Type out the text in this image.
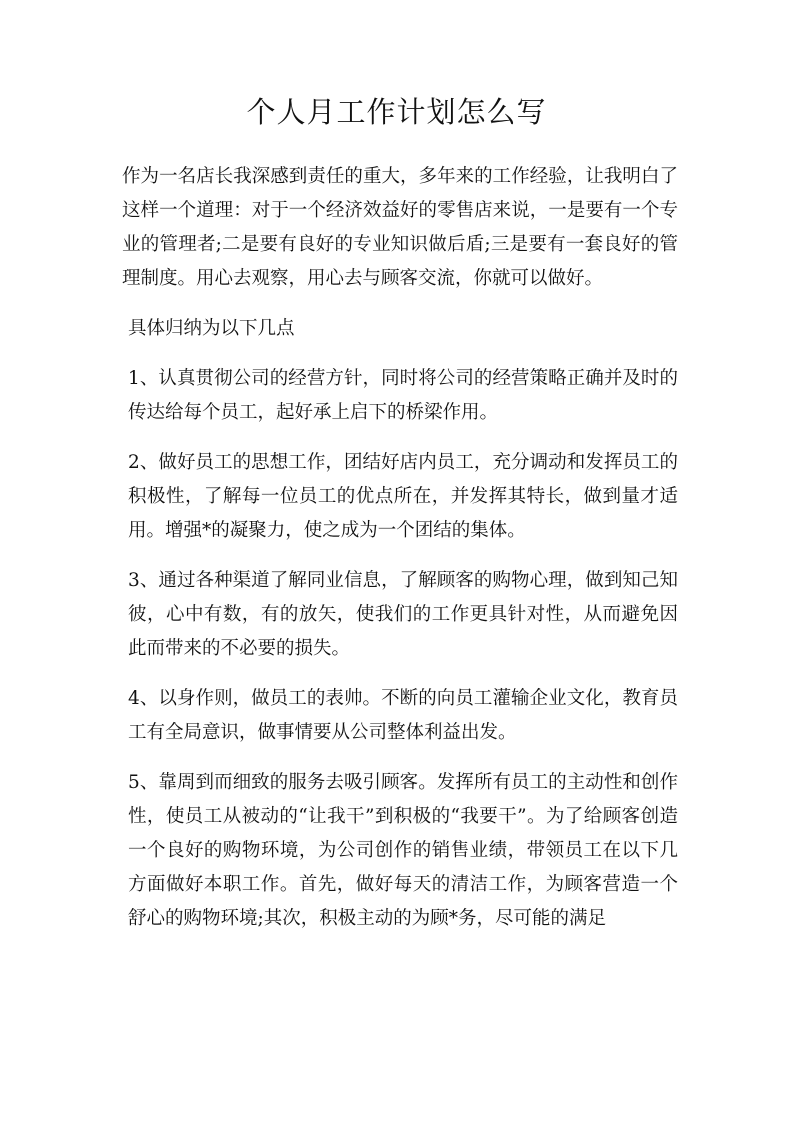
个人月工作计划怎么写

作为一名店长我深感到责任的重大，多年来的工作经验，让我明白了这样一个道理：对于一个经济效益好的零售店来说，一是要有一个专业的管理者;二是要有良好的专业知识做后盾;三是要有一套良好的管理制度。用心去观察，用心去与顾客交流，你就可以做好。

具体归纳为以下几点

1、认真贯彻公司的经营方针，同时将公司的经营策略正确并及时的传达给每个员工，起好承上启下的桥梁作用。

2、做好员工的思想工作，团结好店内员工，充分调动和发挥员工的积极性，了解每一位员工的优点所在，并发挥其特长，做到量才适用。增强*的凝聚力，使之成为一个团结的集体。

3、通过各种渠道了解同业信息，了解顾客的购物心理，做到知己知彼，心中有数，有的放矢，使我们的工作更具针对性，从而避免因此而带来的不必要的损失。

4、以身作则，做员工的表帅。不断的向员工灌输企业文化，教育员工有全局意识，做事情要从公司整体利益出发。

5、靠周到而细致的服务去吸引顾客。发挥所有员工的主动性和创作性，使员工从被动的“让我干”到积极的“我要干”。为了给顾客创造一个良好的购物环境，为公司创作的销售业绩，带领员工在以下几方面做好本职工作。首先，做好每天的清洁工作，为顾客营造一个舒心的购物环境;其次，积极主动的为顾*务，尽可能的满足
